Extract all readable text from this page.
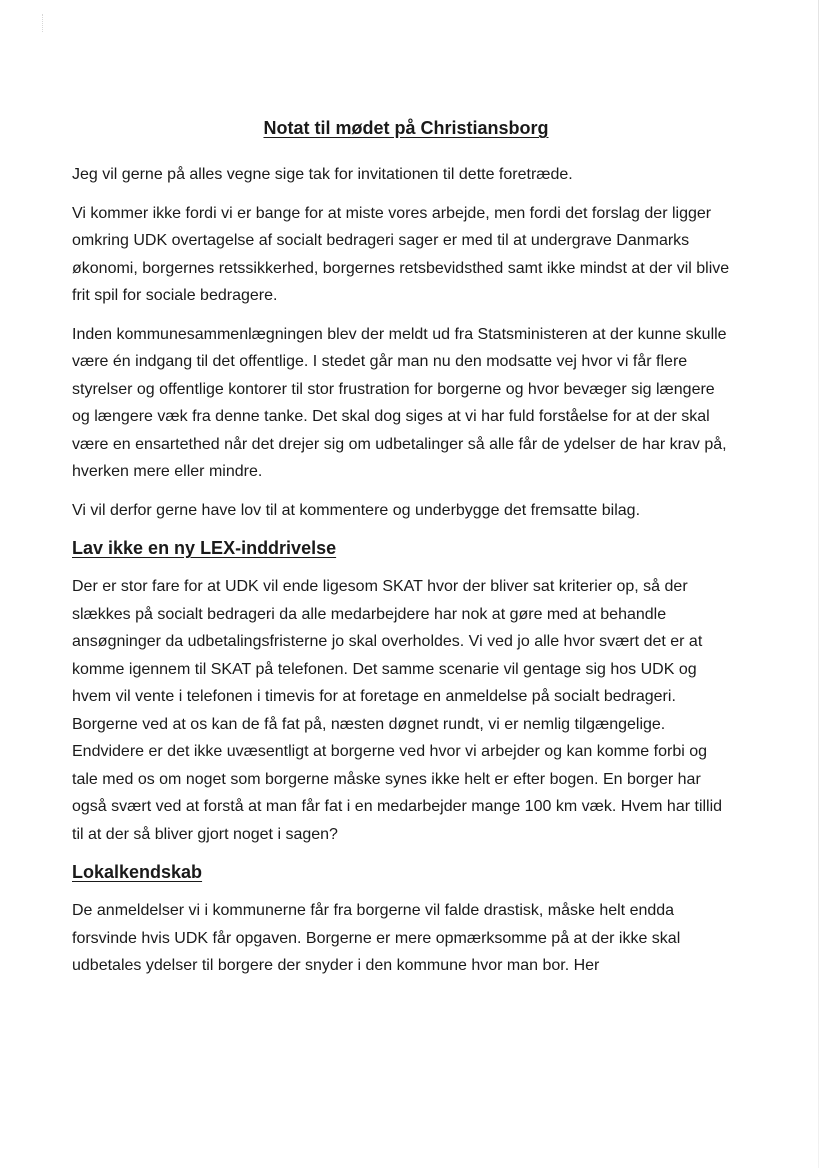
Notat til mødet på Christiansborg

Jeg vil gerne på alles vegne sige tak for invitationen til dette foretræde.

Vi kommer ikke fordi vi er bange for at miste vores arbejde, men fordi det forslag der ligger omkring UDK overtagelse af socialt bedrageri sager er med til at undergrave Danmarks økonomi, borgernes retssikkerhed, borgernes retsbevidsthed samt ikke mindst at der vil blive frit spil for sociale bedragere.

Inden kommunesammenlægningen blev der meldt ud fra Statsministeren at der kunne skulle være én indgang til det offentlige. I stedet går man nu den modsatte vej hvor vi får flere styrelser og offentlige kontorer til stor frustration for borgerne og hvor bevæger sig længere og længere væk fra denne tanke. Det skal dog siges at vi har fuld forståelse for at der skal være en ensartethed når det drejer sig om udbetalinger så alle får de ydelser de har krav på, hverken mere eller mindre.

Vi vil derfor gerne have lov til at kommentere og underbygge det fremsatte bilag.

Lav ikke en ny LEX-inddrivelse

Der er stor fare for at UDK vil ende ligesom SKAT hvor der bliver sat kriterier op, så der slækkes på socialt bedrageri da alle medarbejdere har nok at gøre med at behandle ansøgninger da udbetalingsfristerne jo skal overholdes. Vi ved jo alle hvor svært det er at komme igennem til SKAT på telefonen. Det samme scenarie vil gentage sig hos UDK og hvem vil vente i telefonen i timevis for at foretage en anmeldelse på socialt bedrageri. Borgerne ved at os kan de få fat på, næsten døgnet rundt, vi er nemlig tilgængelige. Endvidere er det ikke uvæsentligt at borgerne ved hvor vi arbejder og kan komme forbi og tale med os om noget som borgerne måske synes ikke helt er efter bogen. En borger har også svært ved at forstå at man får fat i en medarbejder mange 100 km væk. Hvem har tillid til at der så bliver gjort noget i sagen?

Lokalkendskab

De anmeldelser vi i kommunerne får fra borgerne vil falde drastisk, måske helt endda forsvinde hvis UDK får opgaven. Borgerne er mere opmærksomme på at der ikke skal udbetales ydelser til borgere der snyder i den kommune hvor man bor. Her
